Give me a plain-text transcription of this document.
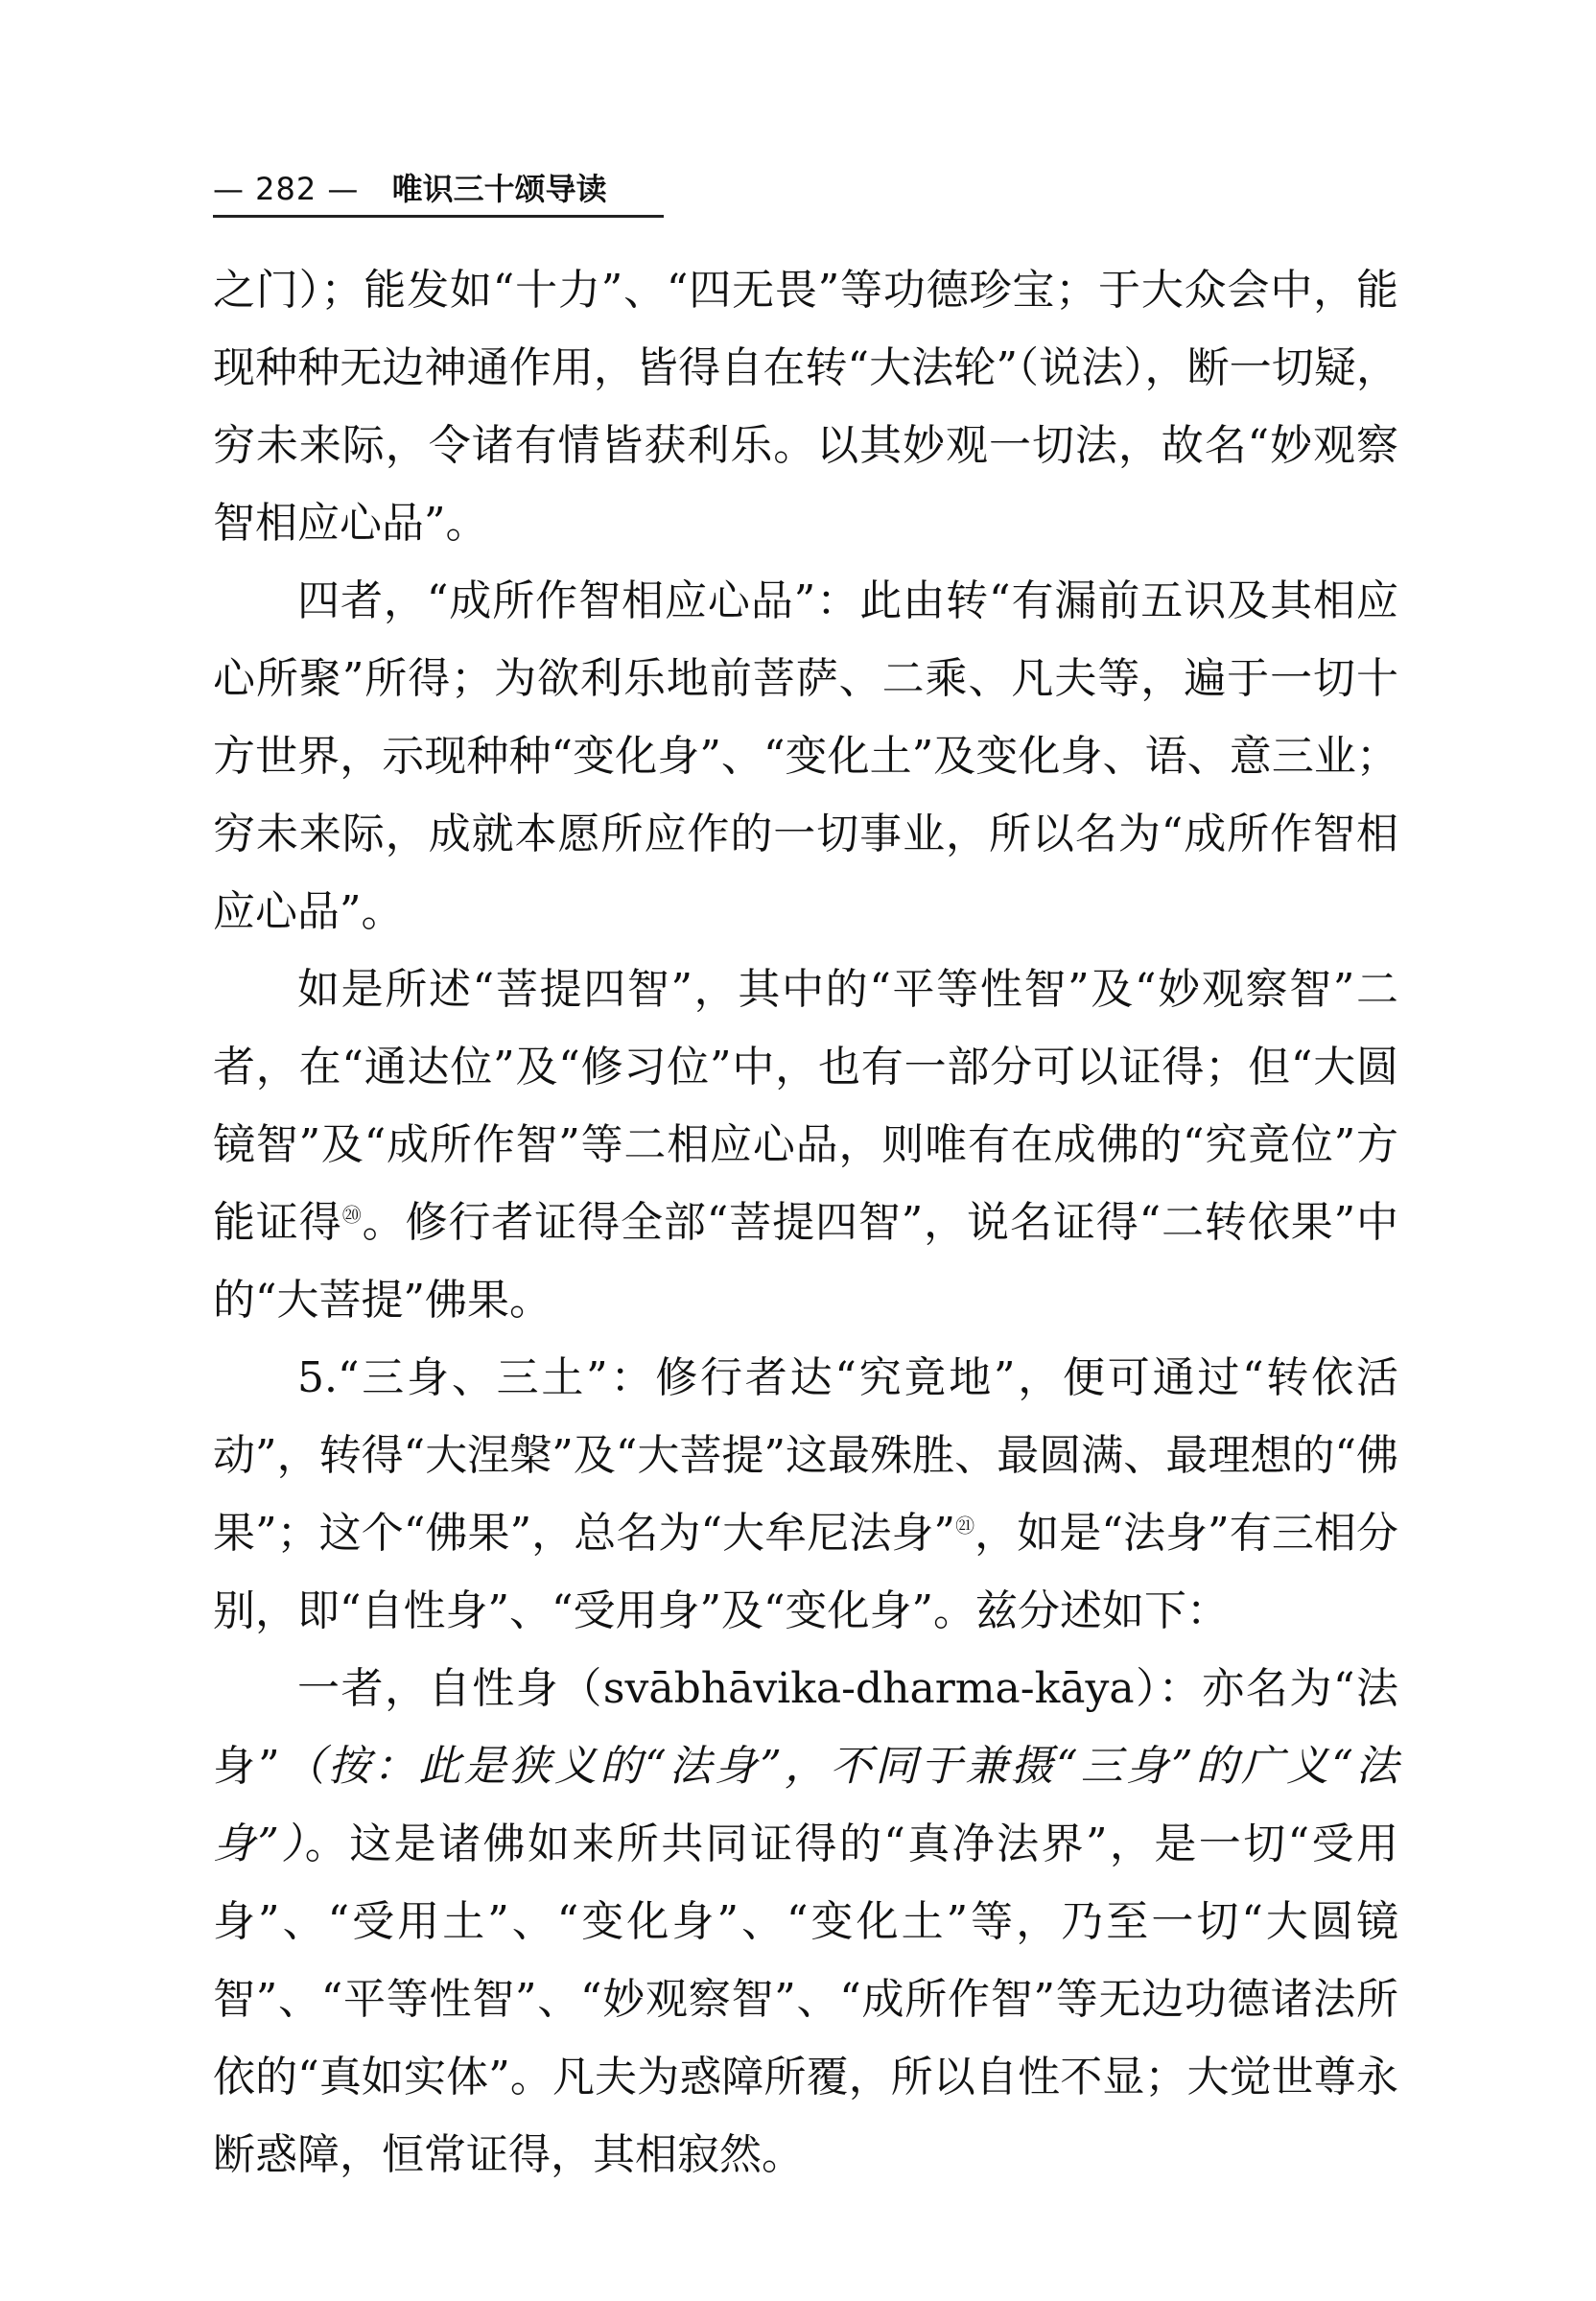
— 282 — 唯识三十颂导读

之门）；能发如“十力”、“四无畏”等功德珍宝；于大众会中，能现种种无边神通作用，皆得自在转“大法轮”（说法），断一切疑，穷未来际，令诸有情皆获利乐。以其妙观一切法，故名“妙观察智相应心品”。

四者，“成所作智相应心品”：此由转“有漏前五识及其相应心所聚”所得；为欲利乐地前菩萨、二乘、凡夫等，遍于一切十方世界，示现种种“变化身”、“变化土”及变化身、语、意三业；穷未来际，成就本愿所应作的一切事业，所以名为“成所作智相应心品”。

如是所述“菩提四智”，其中的“平等性智”及“妙观察智”二者，在“通达位”及“修习位”中，也有一部分可以证得；但“大圆镜智”及“成所作智”等二相应心品，则唯有在成佛的“究竟位”方能证得⑳。修行者证得全部“菩提四智”，说名证得“二转依果”中的“大菩提”佛果。

5.“三身、三土”：修行者达“究竟地”，便可通过“转依活动”，转得“大涅槃”及“大菩提”这最殊胜、最圆满、最理想的“佛果”；这个“佛果”，总名为“大牟尼法身”$^㉑$，如是“法身”有三相分别，即“自性身”、“受用身”及“变化身”。兹分述如下：

一者，自性身（svābhāvika-dharma-kāya）：亦名为“法身”（按：此是狭义的“法身”，不同于兼摄“三身”的广义“法身”）。这是诸佛如来所共同证得的“真净法界”，是一切“受用身”、“受用土”、“变化身”、“变化土”等，乃至一切“大圆镜智”、“平等性智”、“妙观察智”、“成所作智”等无边功德诸法所依的“真如实体”。凡夫为惑障所覆，所以自性不显；大觉世尊永断惑障，恒常证得，其相寂然。
